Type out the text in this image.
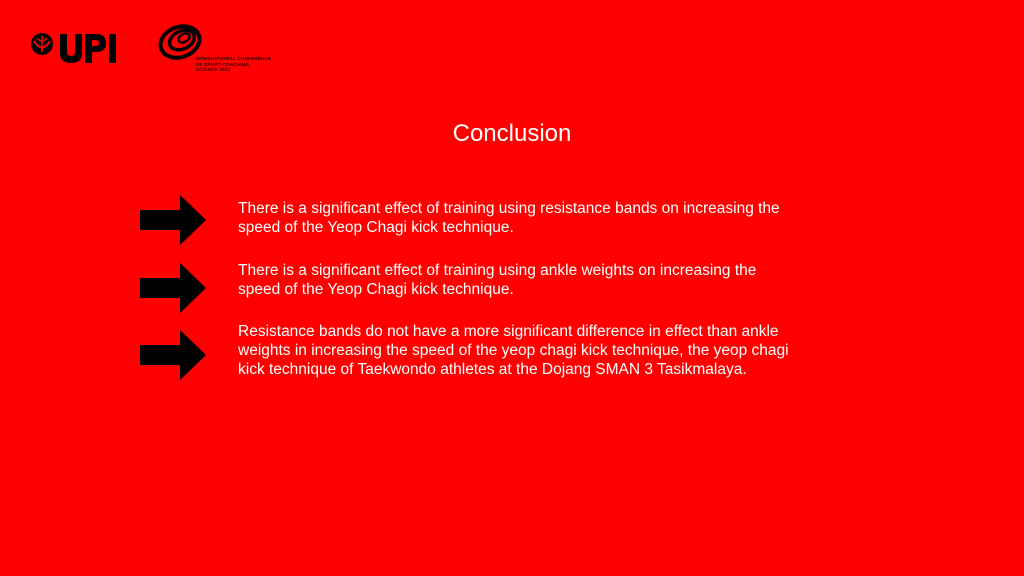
INTERNATIONAL CONFERENCE
OF SPORT COACHING
SCIENCE 2024
Conclusion

There is a significant effect of training using resistance bands on increasing the speed of the Yeop Chagi kick technique.

There is a significant effect of training using ankle weights on increasing the speed of the Yeop Chagi kick technique.

Resistance bands do not have a more significant difference in effect than ankle weights in increasing the speed of the yeop chagi kick technique, the yeop chagi kick technique of Taekwondo athletes at the Dojang SMAN 3 Tasikmalaya.
